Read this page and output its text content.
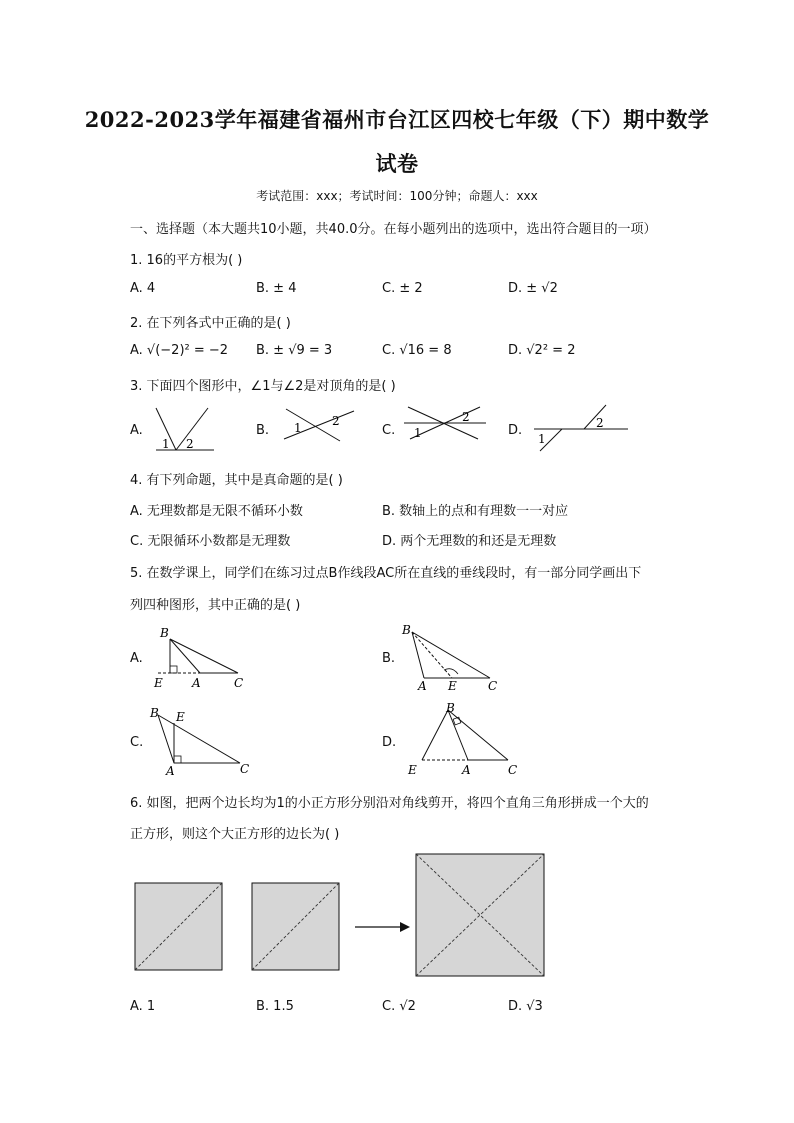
2022-2023学年福建省福州市台江区四校七年级（下）期中数学
试卷
考试范围：xxx；考试时间：100分钟；命题人：xxx
一、选择题（本大题共10小题，共40.0分。在每小题列出的选项中，选出符合题目的一项）
1. 16的平方根为( )
A. 4	B. ± 4	C. ± 2	D. ± √2
2. 在下列各式中正确的是( )
A. √(−2)² = −2 B. ± √9 = 3	C. √16 = 8	D. √2² = 2
3. 下面四个图形中，∠1与∠2是对顶角的是( )
A.	B.	C.	D.
1 2
1	2
1
2
1
2
4. 有下列命题，其中是真命题的是( )
A. 无理数都是无限不循环小数	B. 数轴上的点和有理数一一对应
C. 无限循环小数都是无理数	D. 两个无理数的和还是无理数
5. 在数学课上，同学们在练习过点B作线段AC所在直线的垂线段时，有一部分同学画出下
列四种图形，其中正确的是( )
A.	B.
C.	D.
B
E A	C
B
A E	C
B E
A	C
B
E	A	C
6. 如图，把两个边长均为1的小正方形分别沿对角线剪开，将四个直角三角形拼成一个大的
正方形，则这个大正方形的边长为( )
A. 1	B. 1.5	C. √2	D. √3
